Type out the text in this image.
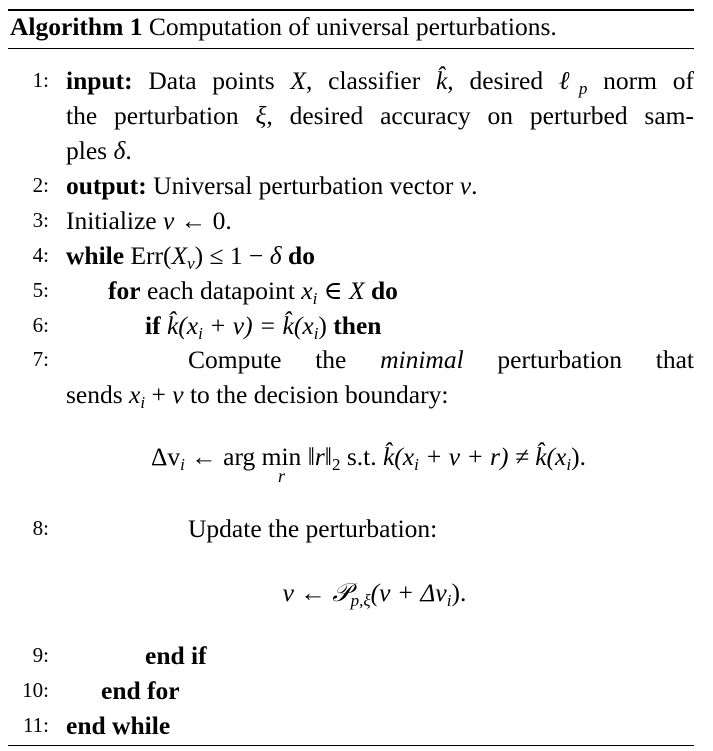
Algorithm 1 Computation of universal perturbations.
1: input: Data points X, classifier k̂, desired ℓ$_p$ norm of
the perturbation ξ, desired accuracy on perturbed sam-
ples δ.
2: output: Universal perturbation vector v.
3: Initialize v ← 0.
4: while $Err(X_v) \le 1 - \delta$ do
5: for each datapoint $x_i$ ∈ X do
6:	if $k̂(x_i + v)$ = $k̂(x_i)$ then
7:	Compute the minimal perturbation that
sends $x_i + v$ to the decision boundary:
$\Delta v_i$ ← arg min
r
$‖r‖_2$ s.t. $k̂(x_i + v + r)$ ≠ $k̂(x_i)$.
8:	Update the perturbation:
v ← 𝒫$_{p,\xi}$(v + $\Delta v_i$).
9:	end if
10: end for
11: end while
